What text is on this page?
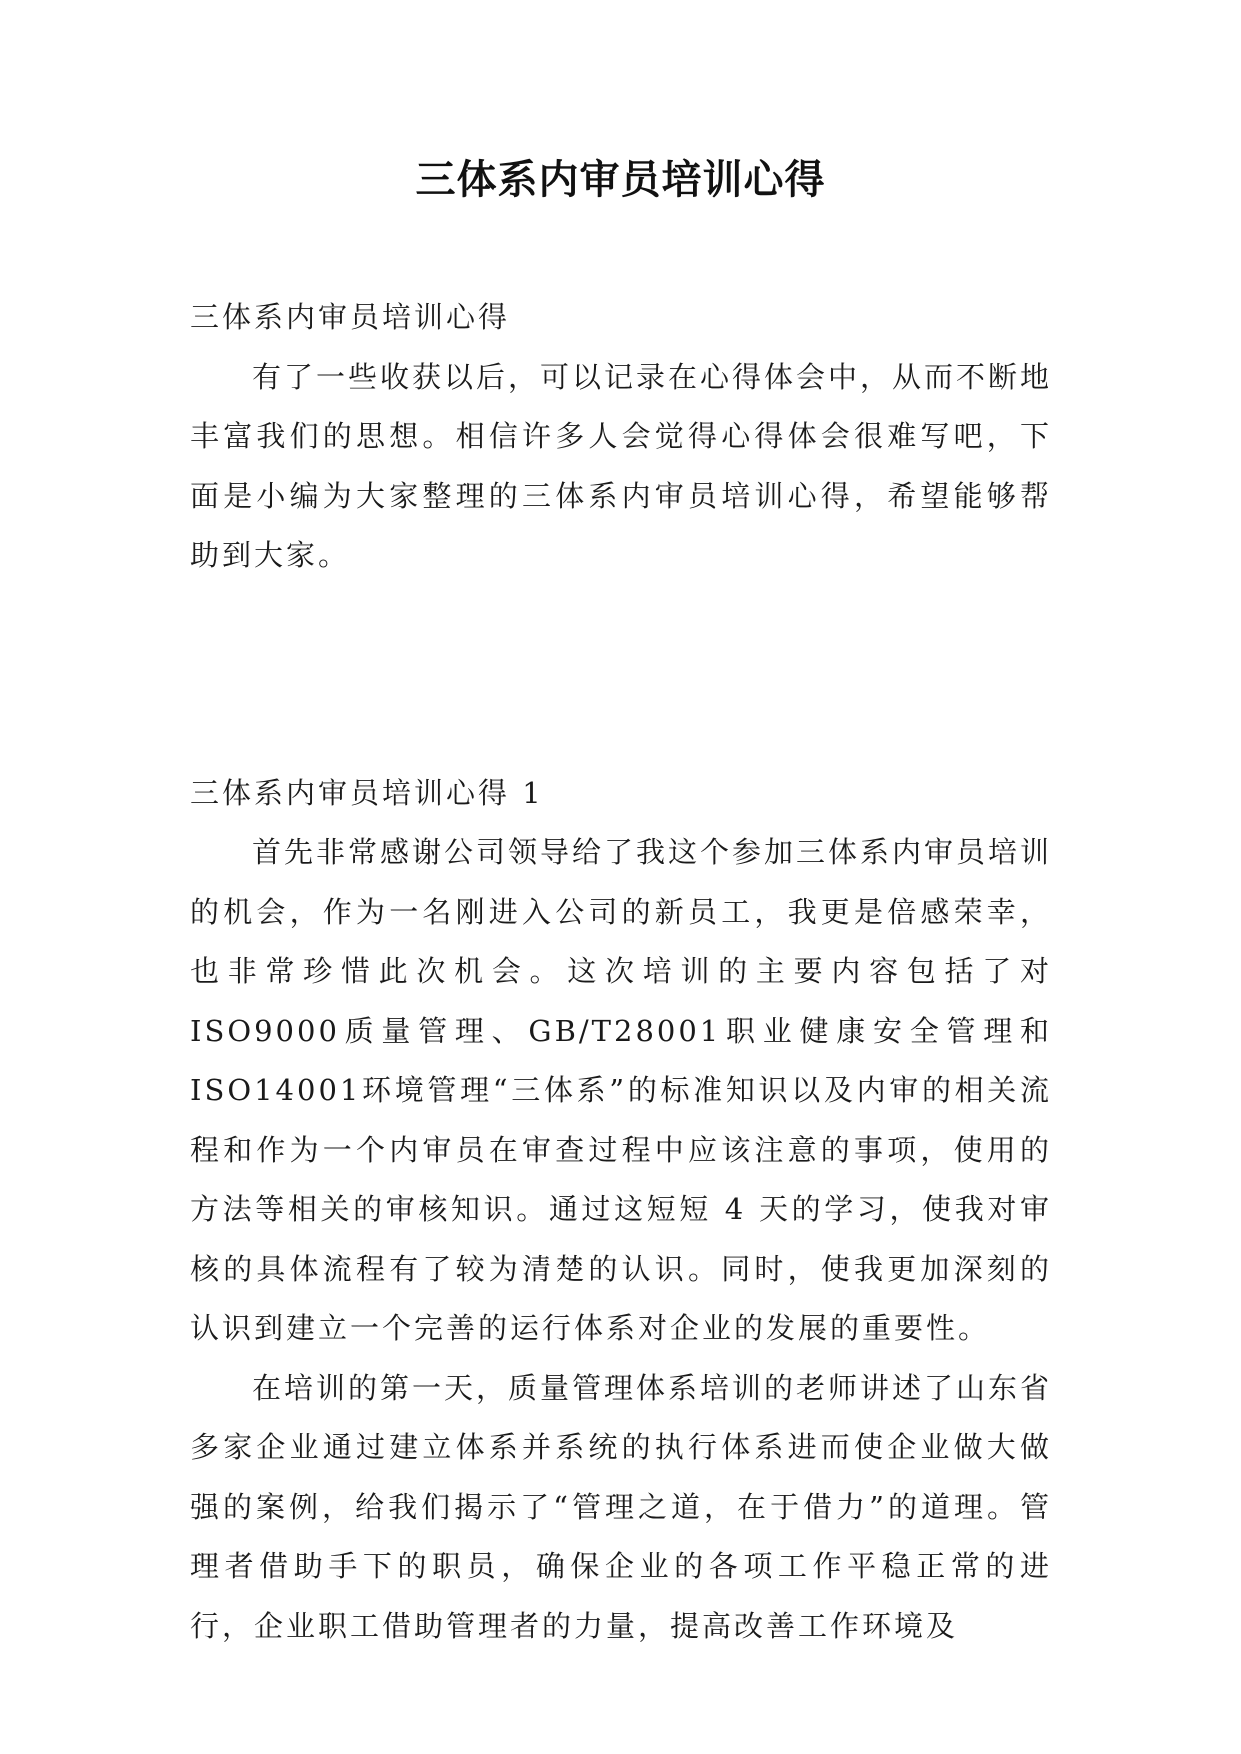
三体系内审员培训心得

三体系内审员培训心得

有了一些收获以后，可以记录在心得体会中，从而不断地丰富我们的思想。相信许多人会觉得心得体会很难写吧，下面是小编为大家整理的三体系内审员培训心得，希望能够帮助到大家。

三体系内审员培训心得 1

首先非常感谢公司领导给了我这个参加三体系内审员培训的机会，作为一名刚进入公司的新员工，我更是倍感荣幸，也非常珍惜此次机会。这次培训的主要内容包括了对ISO9000质量管理、GB/T28001职业健康安全管理和ISO14001环境管理“三体系”的标准知识以及内审的相关流程和作为一个内审员在审查过程中应该注意的事项，使用的方法等相关的审核知识。通过这短短 4 天的学习，使我对审核的具体流程有了较为清楚的认识。同时，使我更加深刻的认识到建立一个完善的运行体系对企业的发展的重要性。

在培训的第一天，质量管理体系培训的老师讲述了山东省多家企业通过建立体系并系统的执行体系进而使企业做大做强的案例，给我们揭示了“管理之道，在于借力”的道理。管理者借助手下的职员，确保企业的各项工作平稳正常的进行，企业职工借助管理者的力量，提高改善工作环境及
